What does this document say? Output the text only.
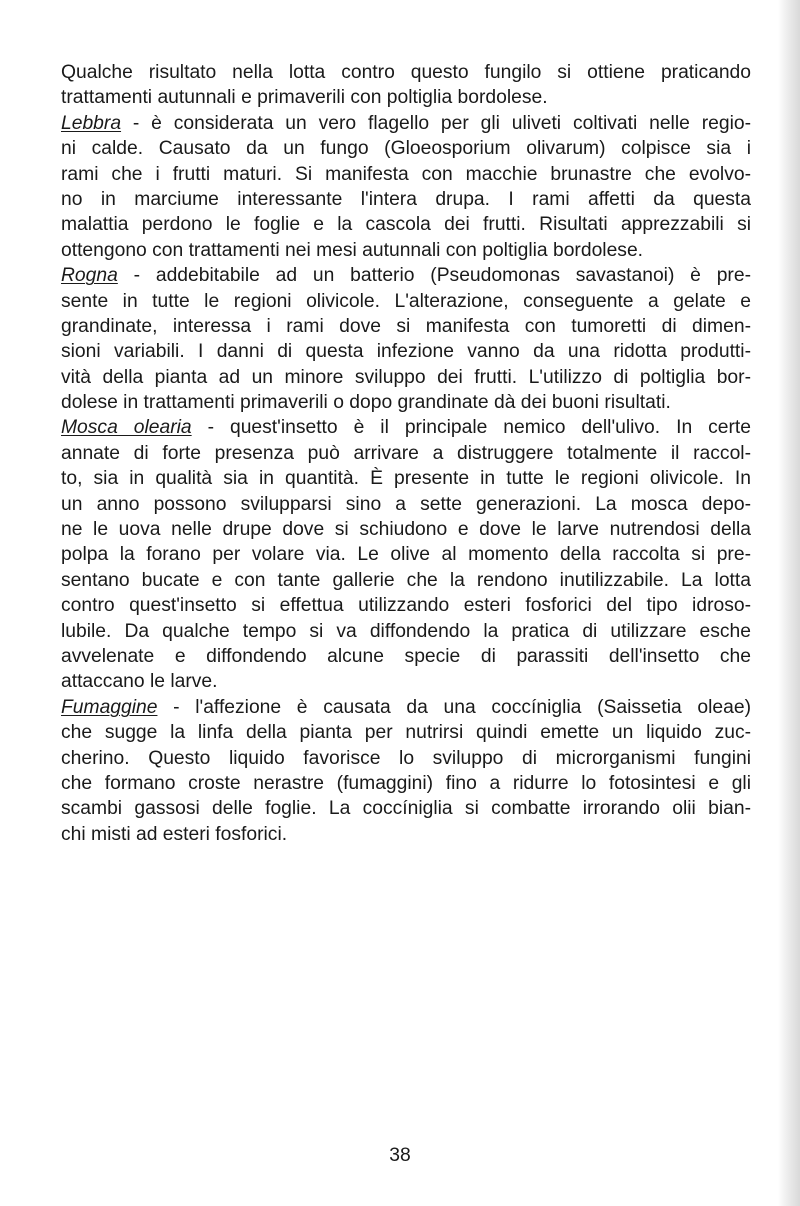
Qualche risultato nella lotta contro questo fungilo si ottiene praticando
trattamenti autunnali e primaverili con poltiglia bordolese.
Lebbra - è considerata un vero flagello per gli uliveti coltivati nelle regio-
ni calde. Causato da un fungo (Gloeosporium olivarum) colpisce sia i
rami che i frutti maturi. Si manifesta con macchie brunastre che evolvo-
no in marciume interessante l'intera drupa. I rami affetti da questa
malattia perdono le foglie e la cascola dei frutti. Risultati apprezzabili si
ottengono con trattamenti nei mesi autunnali con poltiglia bordolese.
Rogna - addebitabile ad un batterio (Pseudomonas savastanoi) è pre-
sente in tutte le regioni olivicole. L'alterazione, conseguente a gelate e
grandinate, interessa i rami dove si manifesta con tumoretti di dimen-
sioni variabili. I danni di questa infezione vanno da una ridotta produtti-
vità della pianta ad un minore sviluppo dei frutti. L'utilizzo di poltiglia bor-
dolese in trattamenti primaverili o dopo grandinate dà dei buoni risultati.
Mosca olearia - quest'insetto è il principale nemico dell'ulivo. In certe
annate di forte presenza può arrivare a distruggere totalmente il raccol-
to, sia in qualità sia in quantità. È presente in tutte le regioni olivicole. In
un anno possono svilupparsi sino a sette generazioni. La mosca depo-
ne le uova nelle drupe dove si schiudono e dove le larve nutrendosi della
polpa la forano per volare via. Le olive al momento della raccolta si pre-
sentano bucate e con tante gallerie che la rendono inutilizzabile. La lotta
contro quest'insetto si effettua utilizzando esteri fosforici del tipo idroso-
lubile. Da qualche tempo si va diffondendo la pratica di utilizzare esche
avvelenate e diffondendo alcune specie di parassiti dell'insetto che
attaccano le larve.
Fumaggine - l'affezione è causata da una coccíniglia (Saissetia oleae)
che sugge la linfa della pianta per nutrirsi quindi emette un liquido zuc-
cherino. Questo liquido favorisce lo sviluppo di microrganismi fungini
che formano croste nerastre (fumaggini) fino a ridurre lo fotosintesi e gli
scambi gassosi delle foglie. La coccíniglia si combatte irrorando olii bian-
chi misti ad esteri fosforici.
38
